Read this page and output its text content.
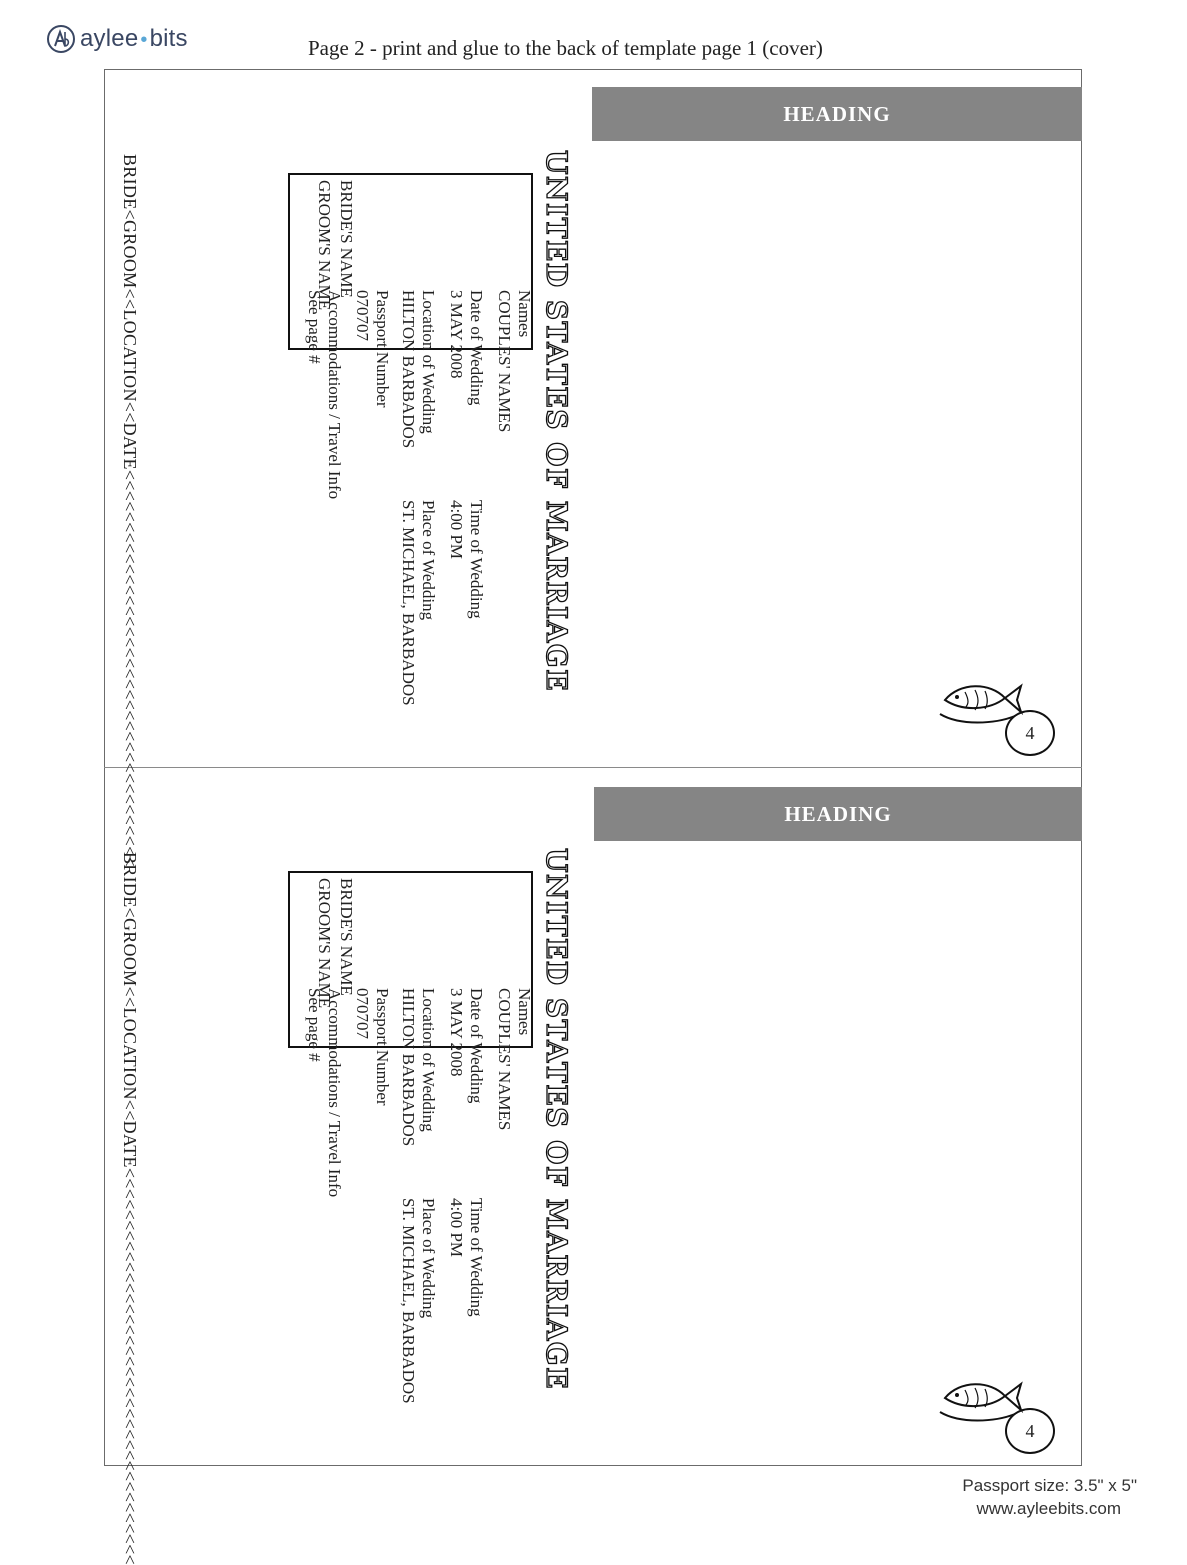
aylee •bits	Page 2 - print and glue to the back of template page 1 (cover)
HEADING
UNITED STATES OF MARRIAGE
Names
COUPLES' NAMES
Date of Wedding
3 MAY 2008
Time of Wedding
4:00 PM
Location of Wedding
HILTON BARBADOS
Place of Wedding
ST. MICHAEL, BARBADOS
Passport Number
070707
Accommodations / Travel Info
See page #
BRIDE'S NAME
GROOM'S NAME
BRIDE<GROOM<<LOCATION<<DATE<<<<<<<<<<<<<<<<<<<<<<<<<<<<<<<<<<<<<<	4
HEADING
UNITED STATES OF MARRIAGE
Names
COUPLES' NAMES
Date of Wedding
3 MAY 2008
Time of Wedding
4:00 PM
Location of Wedding
HILTON BARBADOS
Place of Wedding
ST. MICHAEL, BARBADOS
Passport Number
070707
Accommodations / Travel Info
See page #
BRIDE'S NAME
GROOM'S NAME
BRIDE<GROOM<<LOCATION<<DATE<<<<<<<<<<<<<<<<<<<<<<<<<<<<<<<<<<<<<<	4
Passport size: 3.5" x 5"
www.ayleebits.com
